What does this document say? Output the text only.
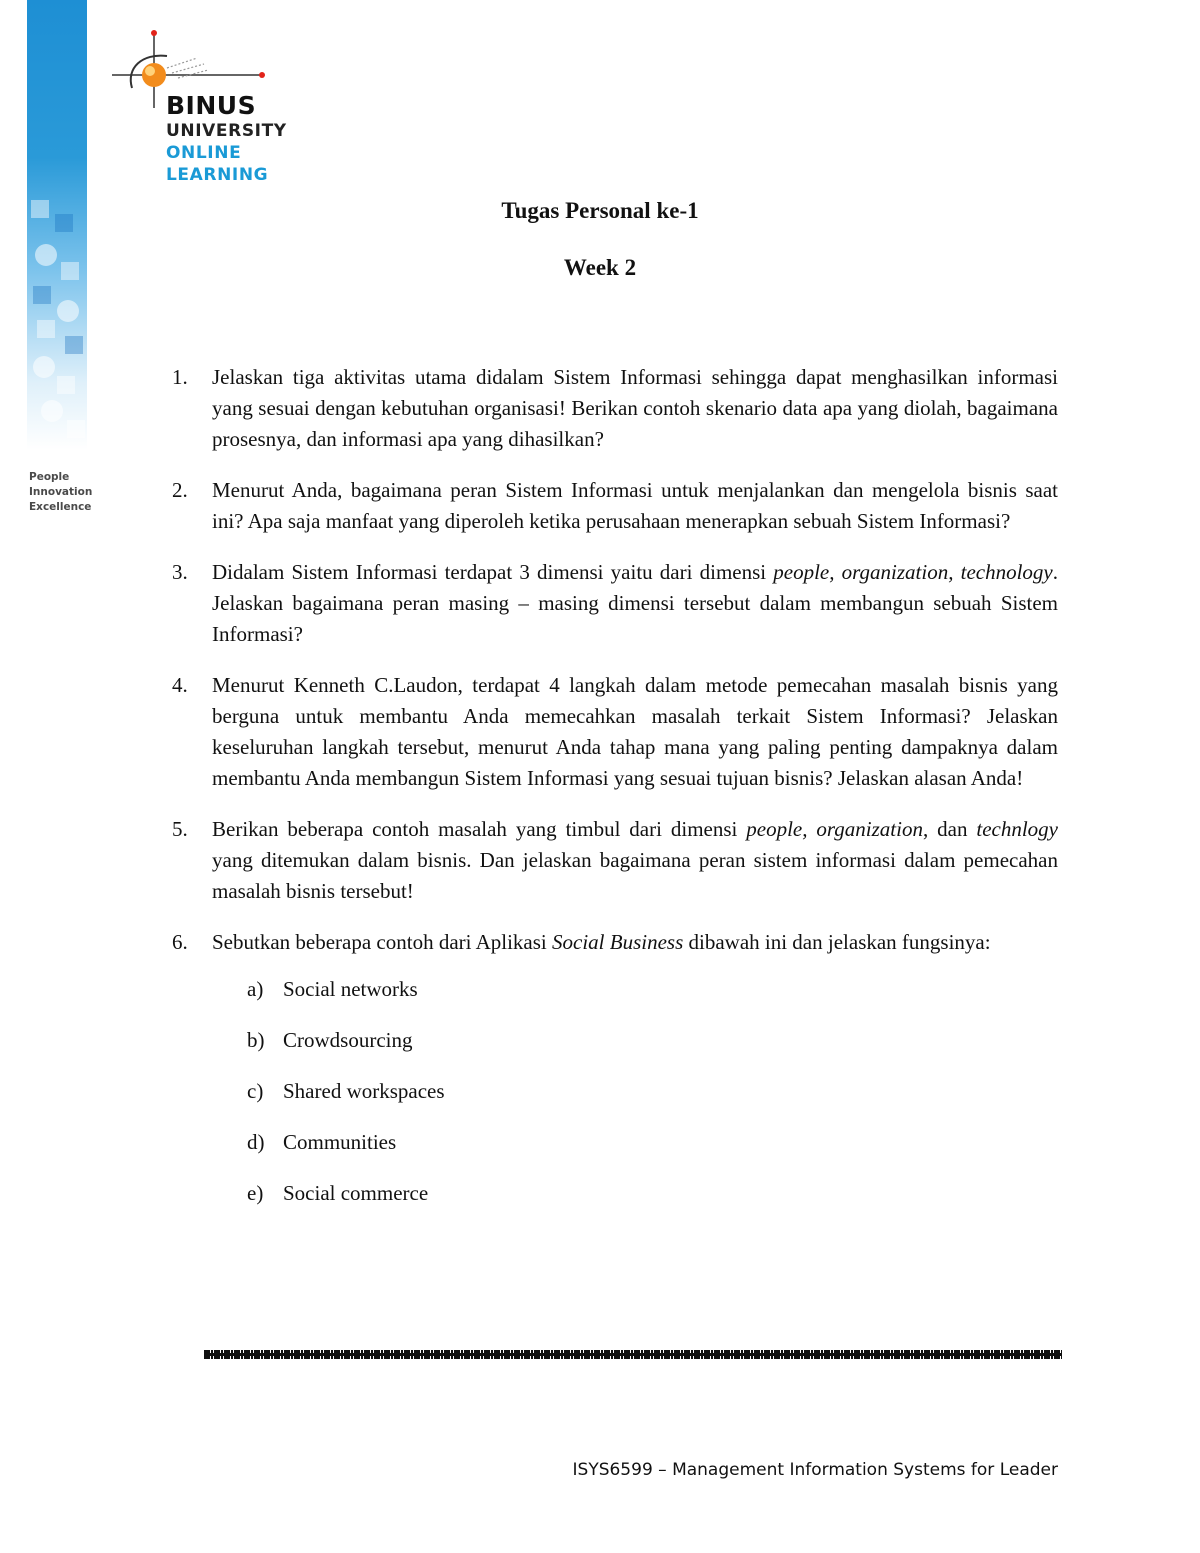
People
Innovation
Excellence
BINUS
UNIVERSITY
ONLINE
LEARNING
Tugas Personal ke-1
Week 2
1. Jelaskan tiga aktivitas utama didalam Sistem Informasi sehingga dapat menghasilkan informasi yang sesuai dengan kebutuhan organisasi! Berikan contoh skenario data apa yang diolah, bagaimana prosesnya, dan informasi apa yang dihasilkan?
2. Menurut Anda, bagaimana peran Sistem Informasi untuk menjalankan dan mengelola bisnis saat ini? Apa saja manfaat yang diperoleh ketika perusahaan menerapkan sebuah Sistem Informasi?
3. Didalam Sistem Informasi terdapat 3 dimensi yaitu dari dimensi people, organization, technology. Jelaskan bagaimana peran masing – masing dimensi tersebut dalam membangun sebuah Sistem Informasi?
4. Menurut Kenneth C.Laudon, terdapat 4 langkah dalam metode pemecahan masalah bisnis yang berguna untuk membantu Anda memecahkan masalah terkait Sistem Informasi? Jelaskan keseluruhan langkah tersebut, menurut Anda tahap mana yang paling penting dampaknya dalam membantu Anda membangun Sistem Informasi yang sesuai tujuan bisnis? Jelaskan alasan Anda!
5. Berikan beberapa contoh masalah yang timbul dari dimensi people, organization, dan technlogy yang ditemukan dalam bisnis. Dan jelaskan bagaimana peran sistem informasi dalam pemecahan masalah bisnis tersebut!
6. Sebutkan beberapa contoh dari Aplikasi Social Business dibawah ini dan jelaskan fungsinya:
a) Social networks
b) Crowdsourcing
c) Shared workspaces
d) Communities
e) Social commerce
ISYS6599 – Management Information Systems for Leader
